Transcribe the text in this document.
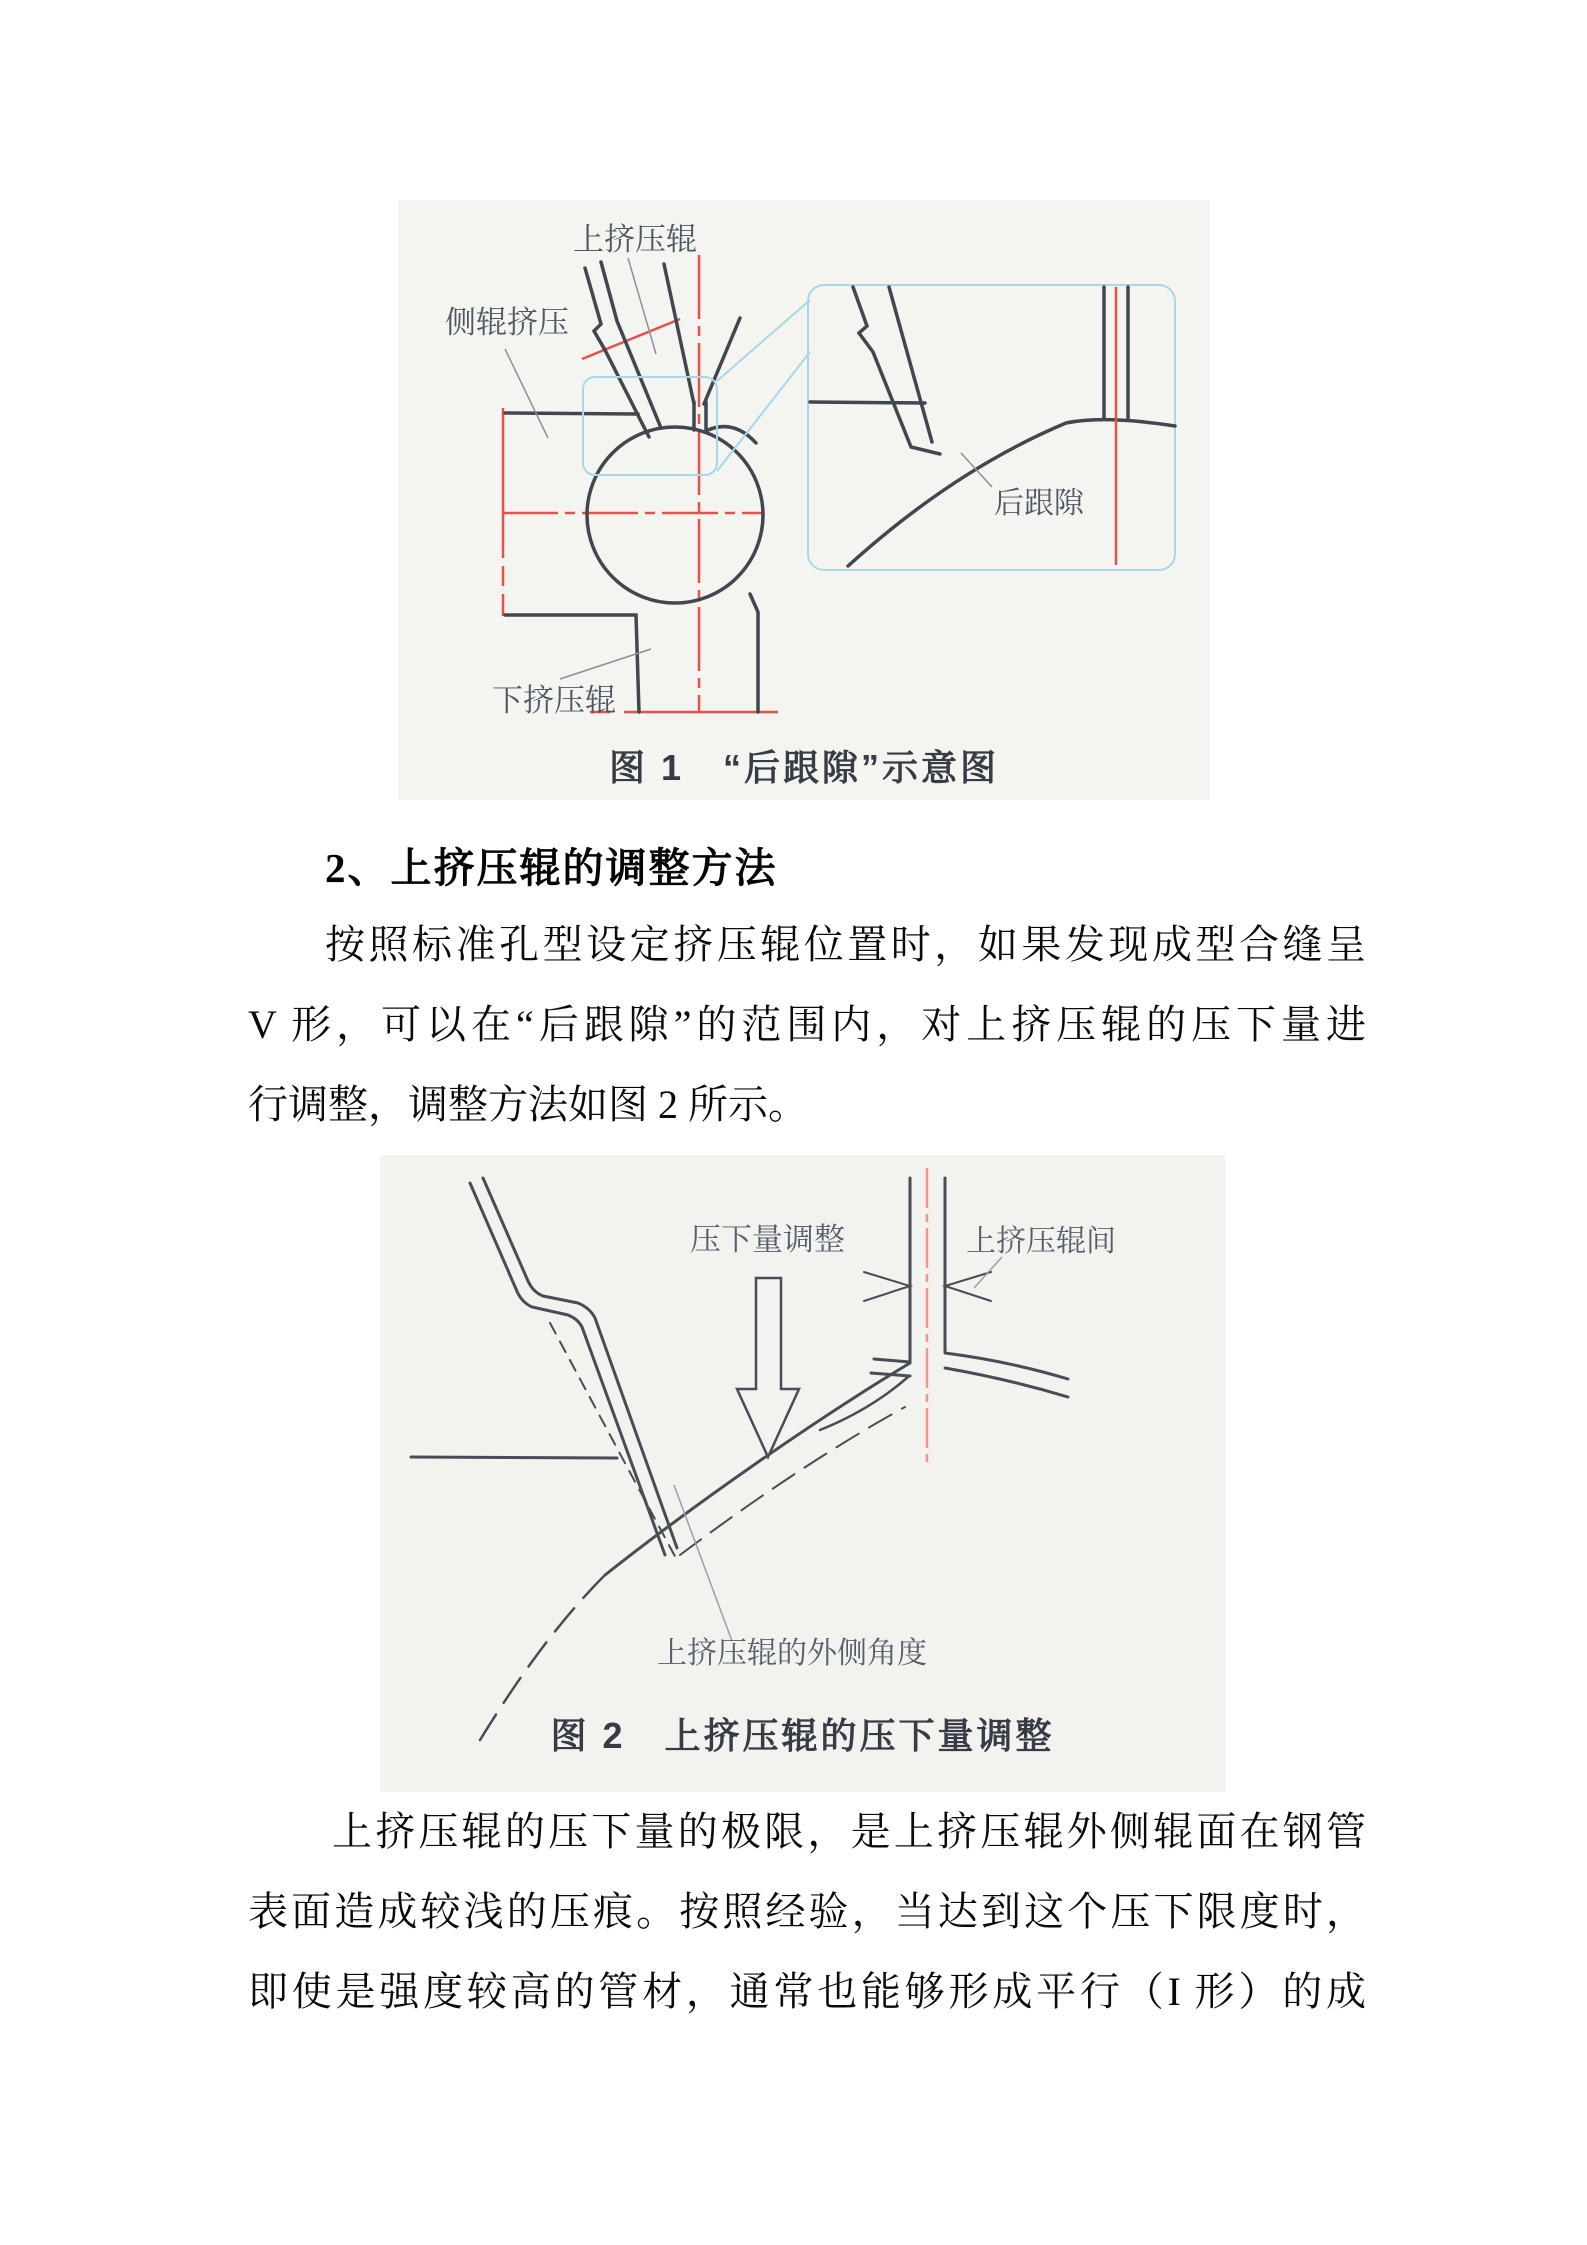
上挤压辊
侧辊挤压
下挤压辊
后跟隙
图 1　“后跟隙”示意图
2、上挤压辊的调整方法
按照标准孔型设定挤压辊位置时，如果发现成型合缝呈
V 形，可以在“后跟隙”的范围内，对上挤压辊的压下量进
行调整，调整方法如图 2 所示。
压下量调整	上挤压辊间
上挤压辊的外侧角度
图 2　上挤压辊的压下量调整
上挤压辊的压下量的极限，是上挤压辊外侧辊面在钢管
表面造成较浅的压痕。按照经验，当达到这个压下限度时，
即使是强度较高的管材，通常也能够形成平行（I 形）的成
